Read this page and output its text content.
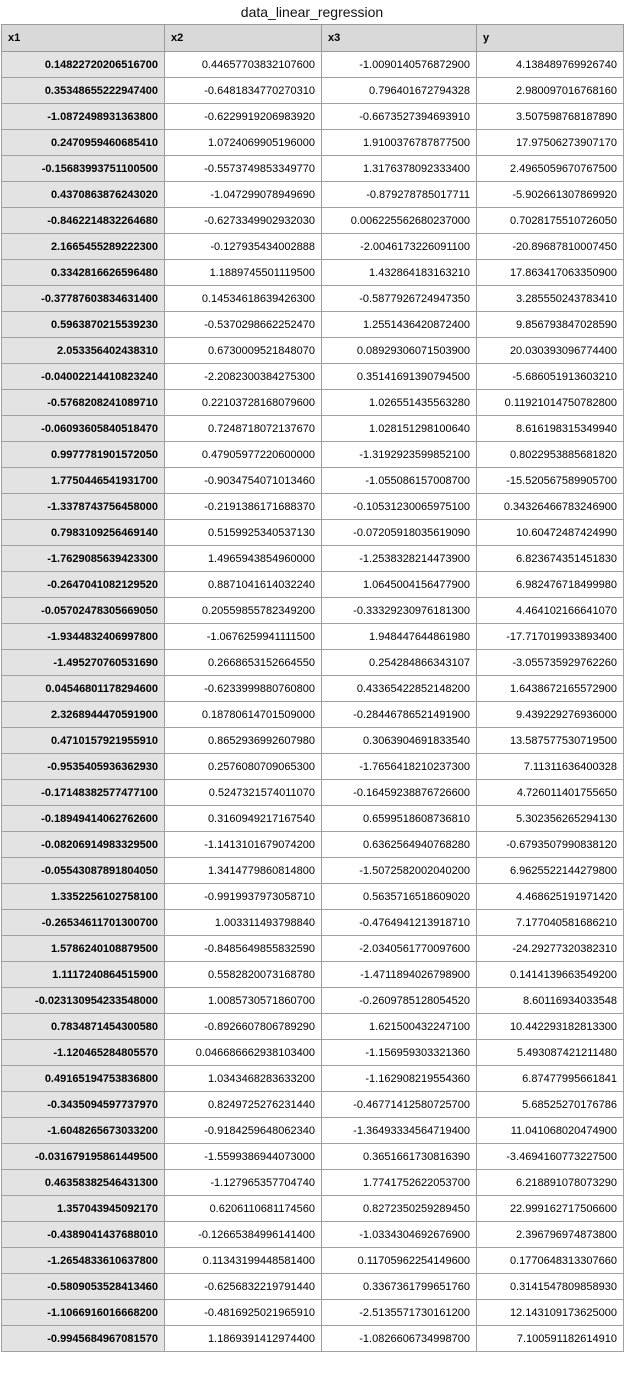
data_linear_regression
x1	x2	x3	y
0.14822720206516700	0.44657703832107600	-1.0090140576872900	4.138489769926740
0.35348655222947400	-0.6481834770270310	0.796401672794328	2.980097016768160
-1.0872498931363800	-0.6229919206983920	-0.6673527394693910	3.507598768187890
0.2470959460685410	1.0724069905196000	1.9100376787877500	17.97506273907170
-0.15683993751100500	-0.5573749853349770	1.3176378092333400	2.4965059670767500
0.4370863876243020	-1.047299078949690	-0.879278785017711	-5.902661307869920
-0.8462214832264680	-0.6273349902932030	0.006225562680237000	0.7028175510726050
2.1665455289222300	-0.127935434002888	-2.0046173226091100	-20.89687810007450
0.3342816626596480	1.1889745501119500	1.432864183163210	17.863417063350900
-0.37787603834631400	0.14534618639426300	-0.5877926724947350	3.285550243783410
0.5963870215539230	-0.5370298662252470	1.2551436420872400	9.856793847028590
2.053356402438310	0.6730009521848070	0.08929306071503900	20.030393096774400
-0.04002214410823240	-2.2082300384275300	0.35141691390794500	-5.686051913603210
-0.5768208241089710	0.22103728168079600	1.026551435563280	0.11921014750782800
-0.06093605840518470	0.7248718072137670	1.028151298100640	8.616198315349940
0.9977781901572050	0.47905977220600000	-1.3192923599852100	0.8022953885681820
1.7750446541931700	-0.9034754071013460	-1.055086157008700	-15.520567589905700
-1.3378743756458000	-0.2191386171688370	-0.10531230065975100	0.34326466783246900
0.7983109256469140	0.5159925340537130	-0.07205918035619090	10.60472487424990
-1.7629085639423300	1.4965943854960000	-1.2538328214473900	6.823674351451830
-0.2647041082129520	0.8871041614032240	1.0645004156477900	6.982476718499980
-0.05702478305669050	0.20559855782349200	-0.33329230976181300	4.464102166641070
-1.9344832406997800	-1.0676259941111500	1.948447644861980	-17.717019933893400
-1.495270760531690	0.2668653152664550	0.254284866343107	-3.055735929762260
0.04546801178294600	-0.6233999880760800	0.43365422852148200	1.6438672165572900
2.3268944470591900	0.18780614701509000	-0.28446786521491900	9.439229276936000
0.4710157921955910	0.8652936992607980	0.3063904691833540	13.587577530719500
-0.9535405936362930	0.2576080709065300	-1.7656418210237300	7.11311636400328
-0.17148382577477100	0.5247321574011070	-0.16459238876726600	4.726011401755650
-0.18949414062762600	0.3160949217167540	0.6599518608736810	5.302356265294130
-0.08206914983329500	-1.1413101679074200	0.6362564940768280	-0.6793507990838120
-0.05543087891804050	1.3414779860814800	-1.5072582002040200	6.9625522144279800
1.3352256102758100	-0.9919937973058710	0.5635716518609020	4.468625191971420
-0.26534611701300700	1.003311493798840	-0.4764941213918710	7.177040581686210
1.5786240108879500	-0.8485649855832590	-2.0340561770097600	-24.29277320382310
1.1117240864515900	0.5582820073168780	-1.4711894026798900	0.1414139663549200
-0.023130954233548000	1.0085730571860700	-0.2609785128054520	8.60116934033548
0.7834871454300580	-0.8926607806789290	1.621500432247100	10.442293182813300
-1.120465284805570	0.046686662938103400	-1.156959303321360	5.493087421211480
0.49165194753836800	1.0343468283633200	-1.162908219554360	6.87477995661841
-0.3435094597737970	0.8249725276231440	-0.46771412580725700	5.68525270176786
-1.6048265673033200	-0.9184259648062340	-1.36493334564719400	11.041068020474900
-0.031679195861449500	-1.5599386944073000	0.3651661730816390	-3.4694160773227500
0.46358382546431300	-1.127965357704740	1.7741752622053700	6.218891078073290
1.357043945092170	0.6206110681174560	0.8272350259289450	22.999162717506600
-0.4389041437688010	-0.12665384996141400	-1.0334304692676900	2.396796974873800
-1.2654833610637800	0.11343199448581400	0.11705962254149600	0.1770648313307660
-0.5809053528413460	-0.6256832219791440	0.3367361799651760	0.3141547809858930
-1.1066916016668200	-0.4816925021965910	-2.5135571730161200	12.143109173625000
-0.9945684967081570	1.1869391412974400	-1.0826606734998700	7.100591182614910
